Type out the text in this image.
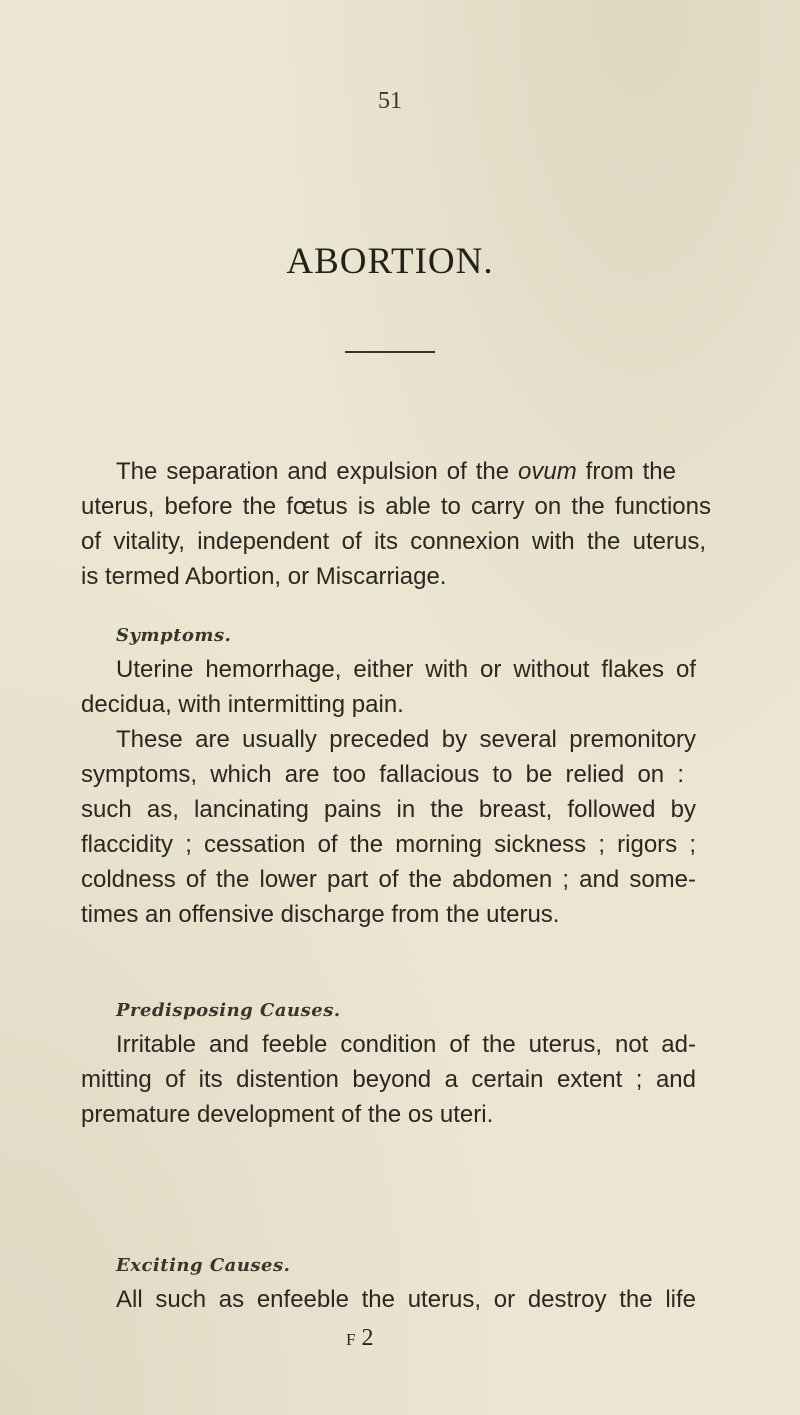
51
ABORTION.
The separation and expulsion of the ovum from the
uterus, before the fœtus is able to carry on the functions
of vitality, independent of its connexion with the uterus,
is termed Abortion, or Miscarriage.
Symptoms.
Uterine hemorrhage, either with or without flakes of
decidua, with intermitting pain.
These are usually preceded by several premonitory
symptoms, which are too fallacious to be relied on :
such as, lancinating pains in the breast, followed by
flaccidity ; cessation of the morning sickness ; rigors ;
coldness of the lower part of the abdomen ; and some-
times an offensive discharge from the uterus.
Predisposing Causes.
Irritable and feeble condition of the uterus, not ad-
mitting of its distention beyond a certain extent ; and
premature development of the os uteri.
Exciting Causes.
All such as enfeeble the uterus, or destroy the life
F 2
